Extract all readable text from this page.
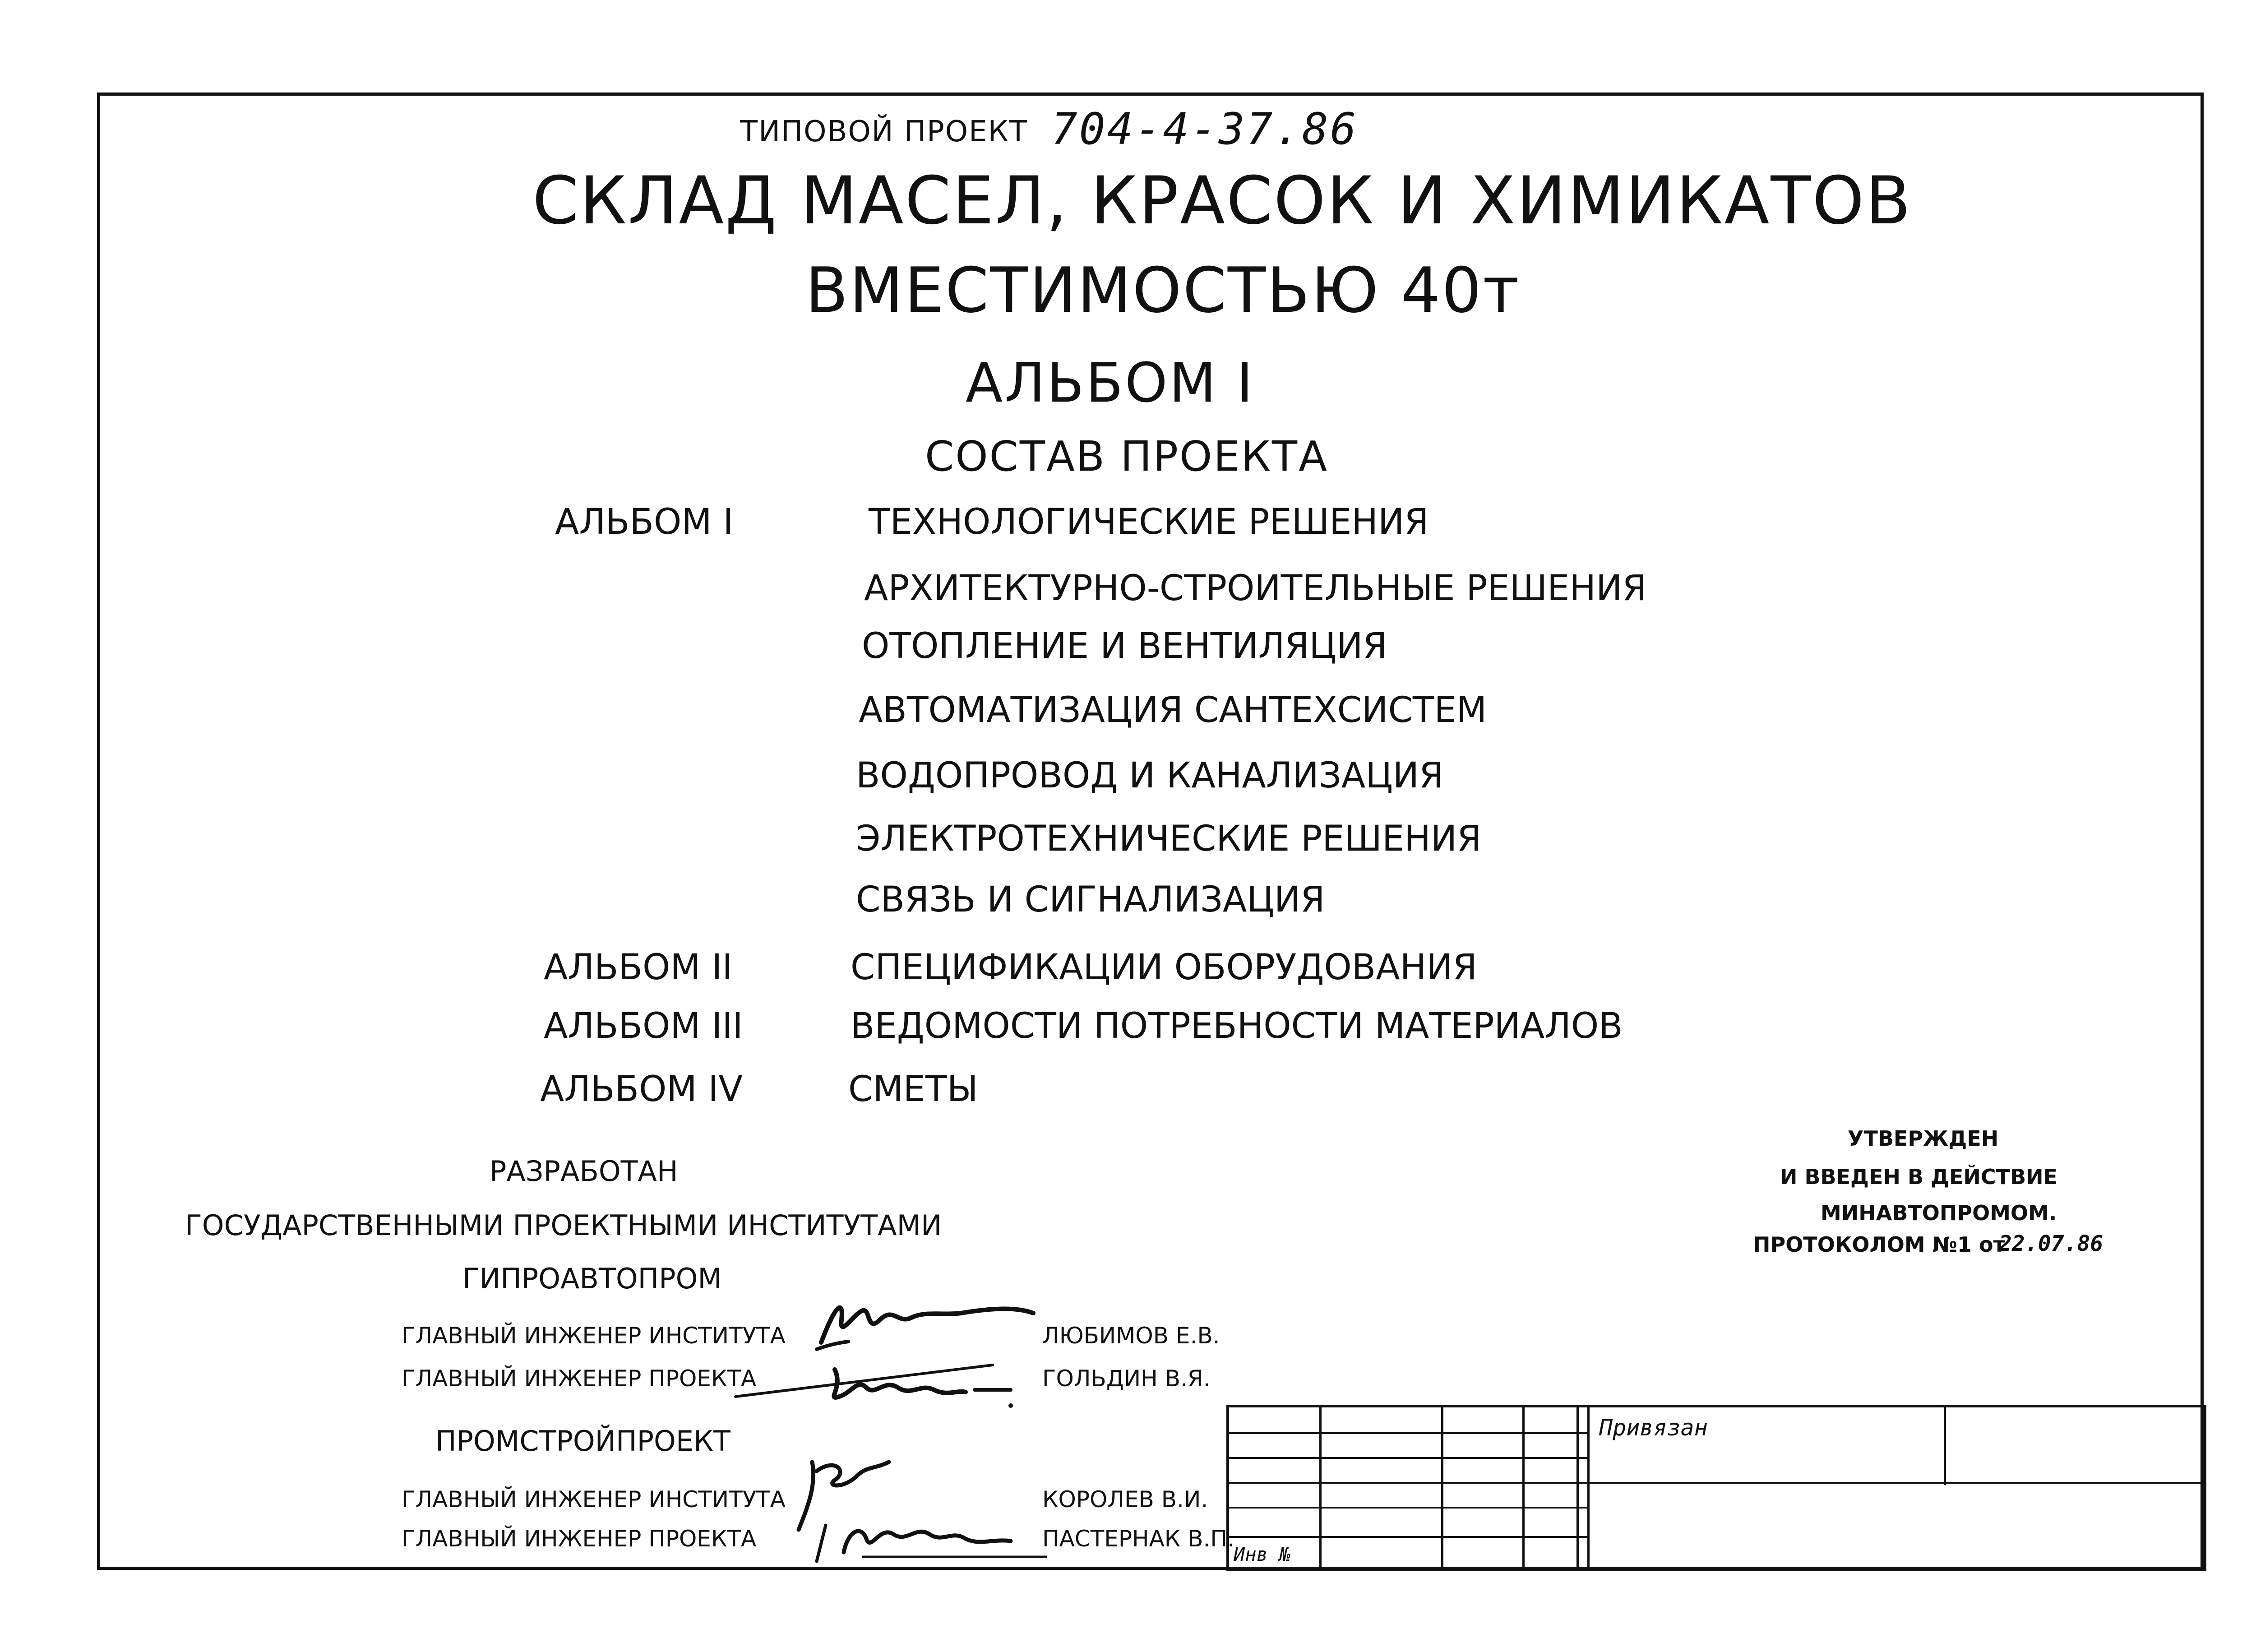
ТИПОВОЙ ПРОЕКТ 704-4-37.86
СКЛАД МАСЕЛ, КРАСОК И ХИМИКАТОВ
ВМЕСТИМОСТЬЮ 40т
АЛЬБОМ I
СОСТАВ ПРОЕКТА
АЛЬБОМ I	ТЕХНОЛОГИЧЕСКИЕ РЕШЕНИЯ
АРХИТЕКТУРНО-СТРОИТЕЛЬНЫЕ РЕШЕНИЯ
ОТОПЛЕНИЕ И ВЕНТИЛЯЦИЯ
АВТОМАТИЗАЦИЯ САНТЕХСИСТЕМ
ВОДОПРОВОД И КАНАЛИЗАЦИЯ
ЭЛЕКТРОТЕХНИЧЕСКИЕ РЕШЕНИЯ
СВЯЗЬ И СИГНАЛИЗАЦИЯ
АЛЬБОМ II	СПЕЦИФИКАЦИИ ОБОРУДОВАНИЯ
АЛЬБОМ III	ВЕДОМОСТИ ПОТРЕБНОСТИ МАТЕРИАЛОВ
АЛЬБОМ IV	СМЕТЫ
РАЗРАБОТАН
ГОСУДАРСТВЕННЫМИ ПРОЕКТНЫМИ ИНСТИТУТАМИ
ГИПРОАВТОПРОМ
ГЛАВНЫЙ ИНЖЕНЕР ИНСТИТУТА	ЛЮБИМОВ Е.В.
ГЛАВНЫЙ ИНЖЕНЕР ПРОЕКТА	ГОЛЬДИН В.Я.
ПРОМСТРОЙПРОЕКТ
ГЛАВНЫЙ ИНЖЕНЕР ИНСТИТУТА	КОРОЛЕВ В.И.
ГЛАВНЫЙ ИНЖЕНЕР ПРОЕКТА	ПАСТЕРНАК В.П.
УТВЕРЖДЕН
И ВВЕДЕН В ДЕЙСТВИЕ
МИНАВТОПРОМОМ.
ПРОТОКОЛОМ №1 от
22.07.86
Привязан
Инв №
